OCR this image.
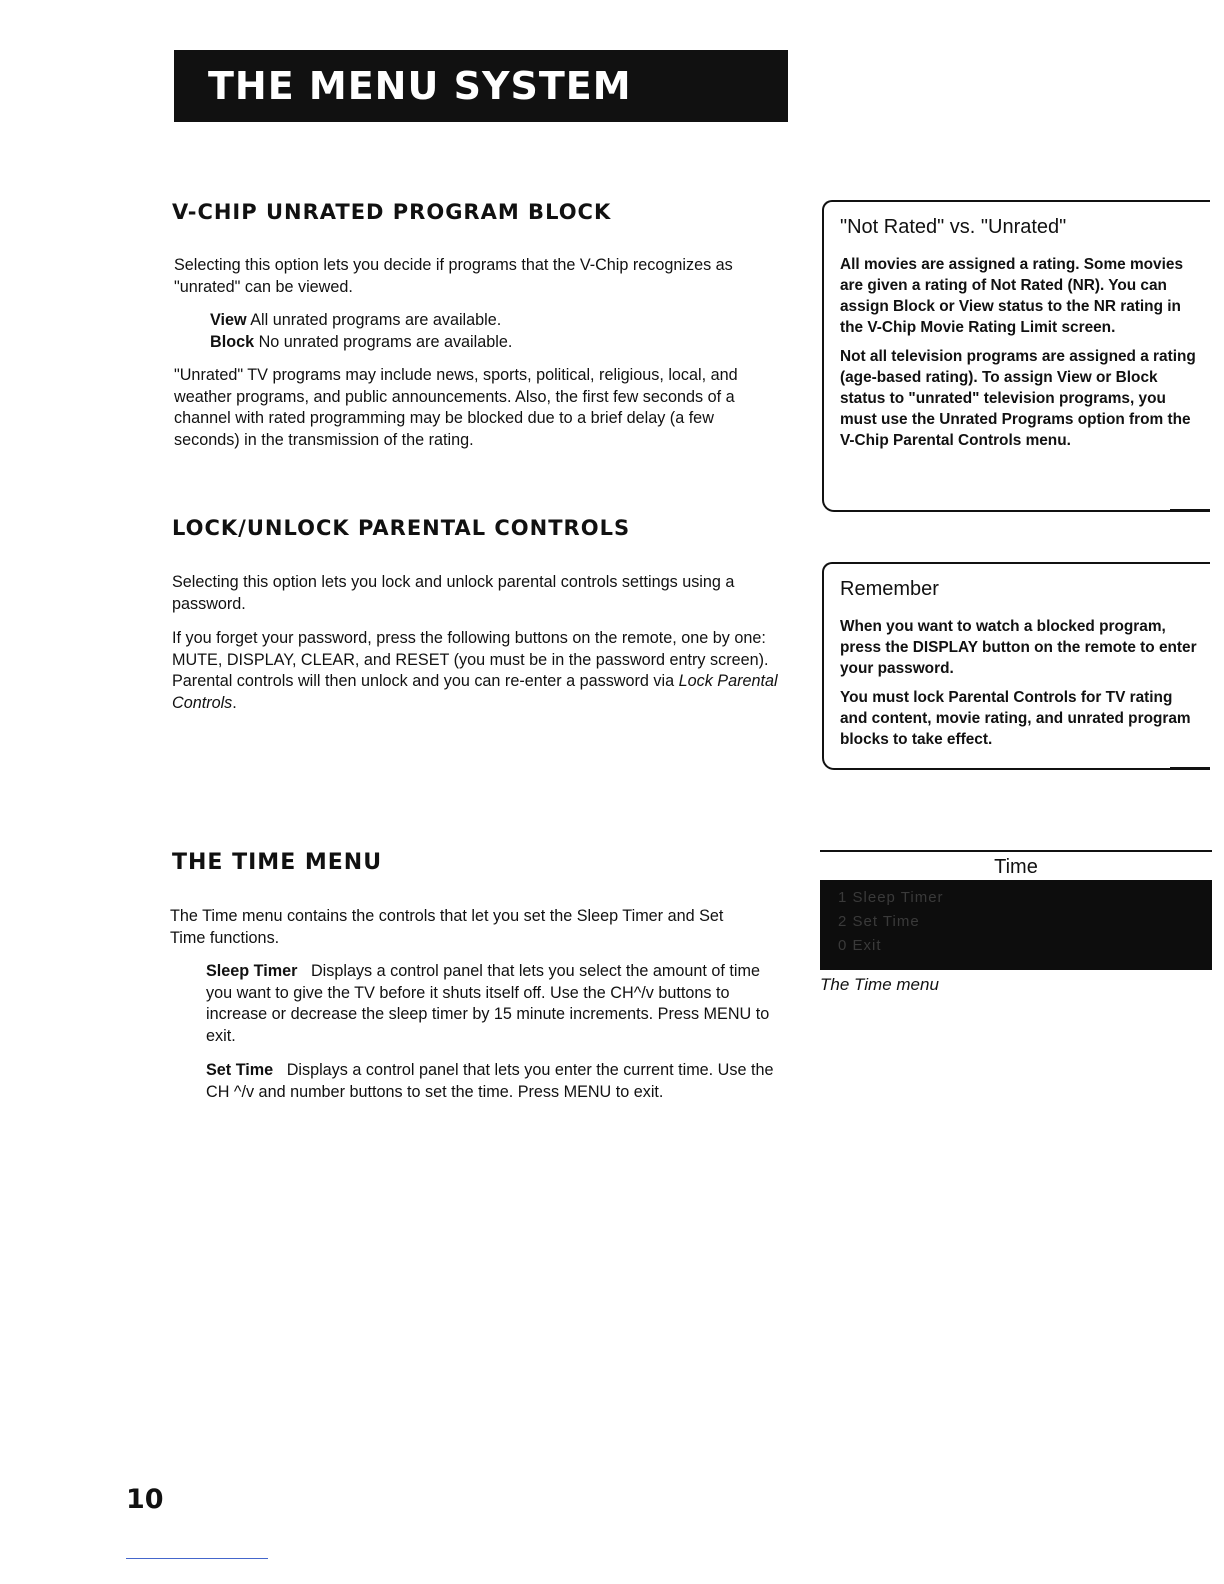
THE MENU SYSTEM
V-CHIP UNRATED PROGRAM BLOCK

Selecting this option lets you decide if programs that the V-Chip recognizes as "unrated" can be viewed.

View All unrated programs are available.
Block No unrated programs are available.

"Unrated" TV programs may include news, sports, political, religious, local, and weather programs, and public announcements. Also, the first few seconds of a channel with rated programming may be blocked due to a brief delay (a few seconds) in the transmission of the rating.

LOCK/UNLOCK PARENTAL CONTROLS

Selecting this option lets you lock and unlock parental controls settings using a password.

If you forget your password, press the following buttons on the remote, one by one: MUTE, DISPLAY, CLEAR, and RESET (you must be in the password entry screen). Parental controls will then unlock and you can re-enter a password via Lock Parental Controls.

THE TIME MENU

The Time menu contains the controls that let you set the Sleep Timer and Set Time functions.

Sleep Timer Displays a control panel that lets you select the amount of time you want to give the TV before it shuts itself off. Use the CH^/v buttons to increase or decrease the sleep timer by 15 minute increments. Press MENU to exit.

Set Time Displays a control panel that lets you enter the current time. Use the CH ^/v and number buttons to set the time. Press MENU to exit.

"Not Rated" vs. "Unrated"

All movies are assigned a rating. Some movies are given a rating of Not Rated (NR). You can assign Block or View status to the NR rating in the V-Chip Movie Rating Limit screen.

Not all television programs are assigned a rating (age-based rating). To assign View or Block status to "unrated" television programs, you must use the Unrated Programs option from the V-Chip Parental Controls menu.

Remember

When you want to watch a blocked program, press the DISPLAY button on the remote to enter your password.

You must lock Parental Controls for TV rating and content, movie rating, and unrated program blocks to take effect.

Time
1 Sleep Timer
2 Set Time
0 Exit
The Time menu
10
